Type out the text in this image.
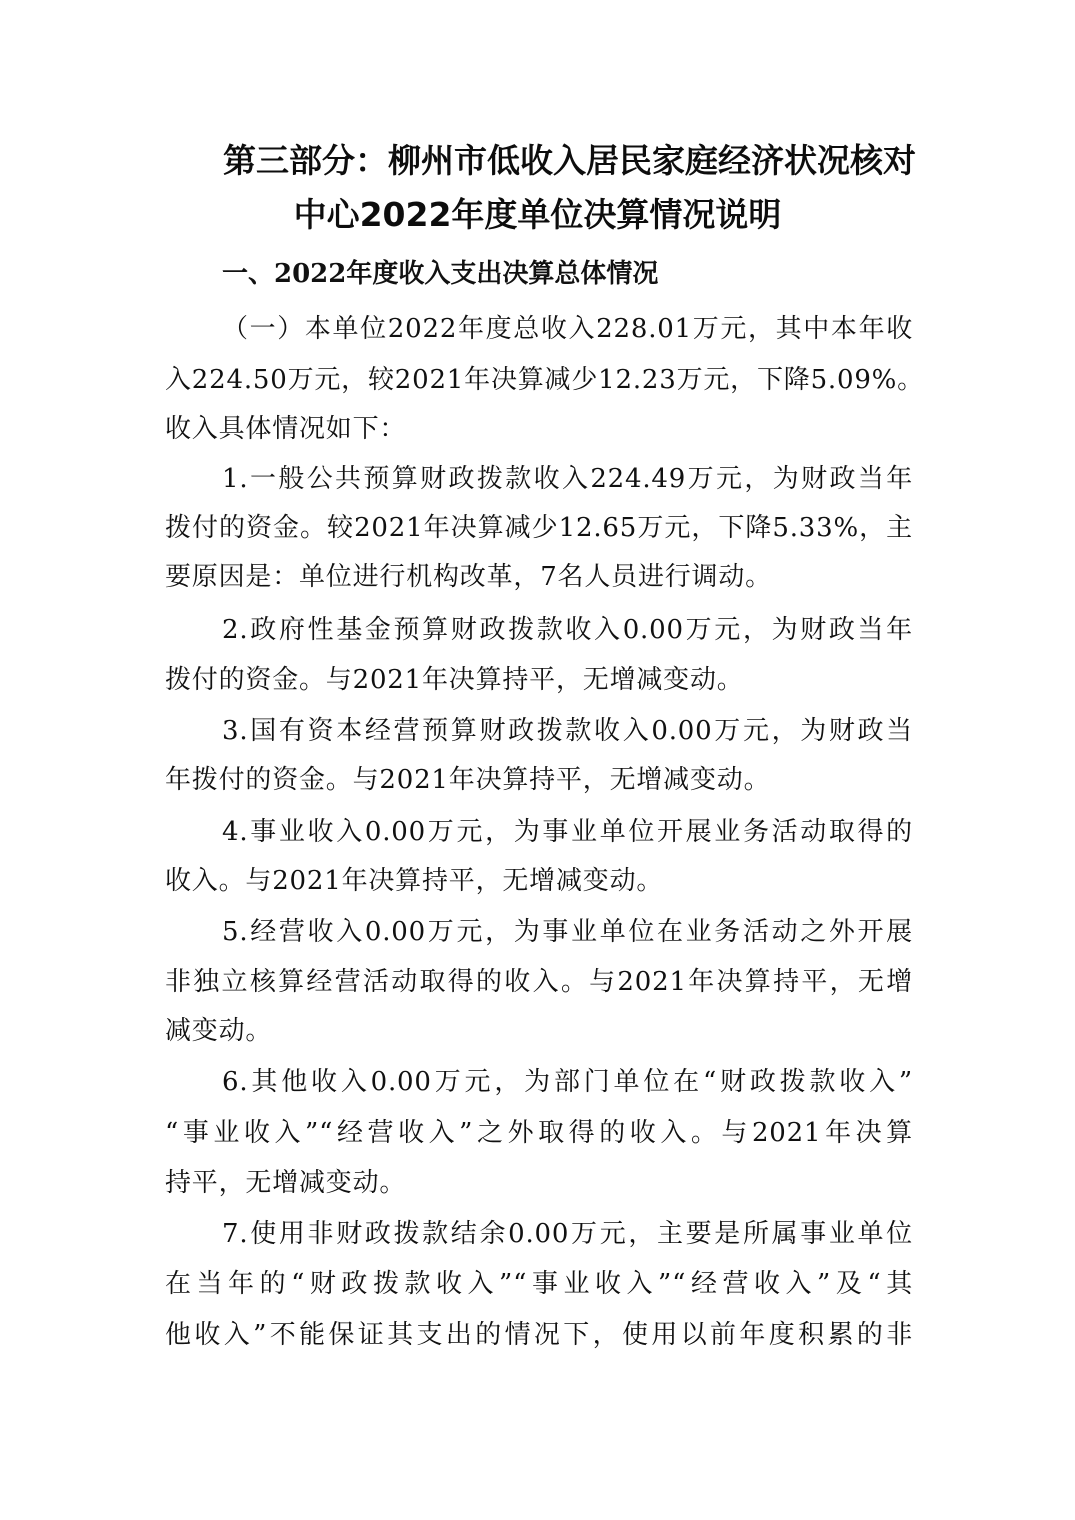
第三部分：柳州市低收入居民家庭经济状况核对
中心2022年度单位决算情况说明
一、2022年度收入支出决算总体情况
（一）本单位2022年度总收入228.01万元，其中本年收
入224.50万元，较2021年决算减少12.23万元，下降5.09%。
收入具体情况如下：
1.一般公共预算财政拨款收入224.49万元，为财政当年
拨付的资金。较2021年决算减少12.65万元，下降5.33%，主
要原因是：单位进行机构改革，7名人员进行调动。
2.政府性基金预算财政拨款收入0.00万元，为财政当年
拨付的资金。与2021年决算持平，无增减变动。
3.国有资本经营预算财政拨款收入0.00万元，为财政当
年拨付的资金。与2021年决算持平，无增减变动。
4.事业收入0.00万元，为事业单位开展业务活动取得的
收入。与2021年决算持平，无增减变动。
5.经营收入0.00万元，为事业单位在业务活动之外开展
非独立核算经营活动取得的收入。与2021年决算持平，无增
减变动。
6.其他收入0.00万元，为部门单位在“财政拨款收入”
“事业收入”“经营收入”之外取得的收入。与2021年决算
持平，无增减变动。
7.使用非财政拨款结余0.00万元，主要是所属事业单位
在当年的“财政拨款收入”“事业收入”“经营收入”及“其
他收入”不能保证其支出的情况下，使用以前年度积累的非
